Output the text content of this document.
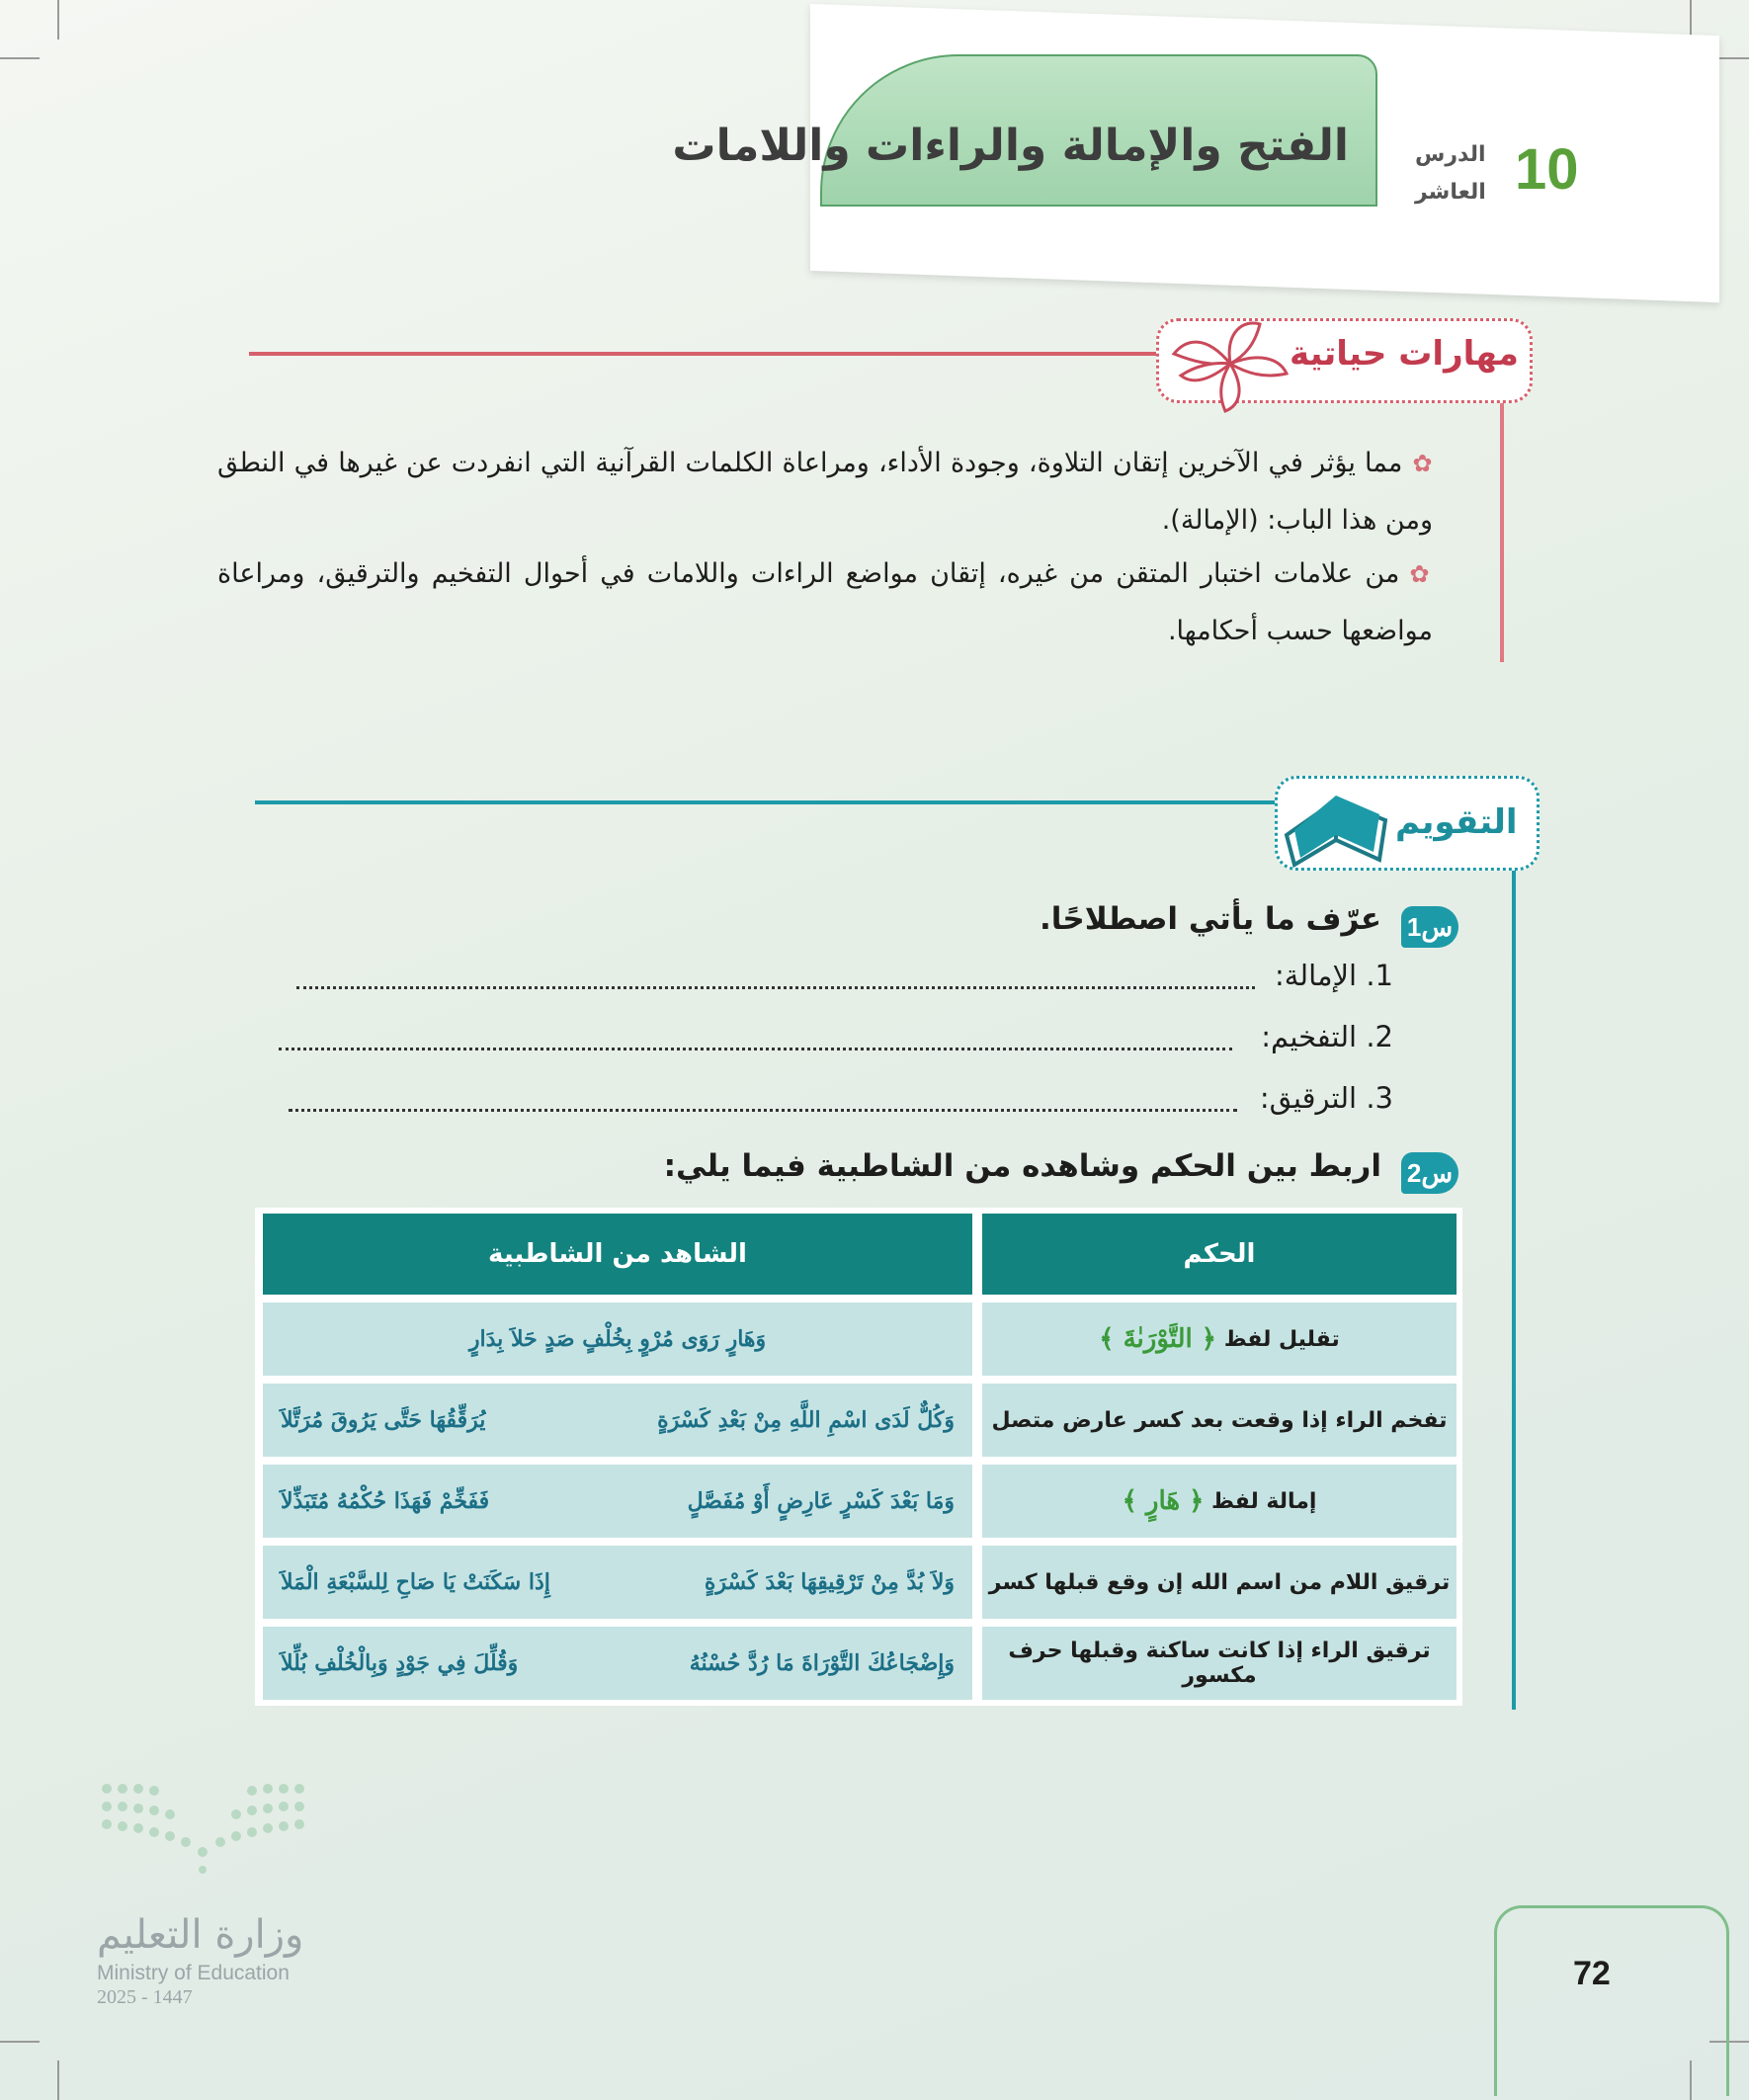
الفتح والإمالة والراءات واللامات	10
الدرس
العاشر
مهارات حياتية
✿مما يؤثر في الآخرين إتقان التلاوة، وجودة الأداء، ومراعاة الكلمات القرآنية التي انفردت عن غيرها في النطق ومن هذا الباب: (الإمالة).
✿من علامات اختبار المتقن من غيره، إتقان مواضع الراءات واللامات في أحوال التفخيم والترقيق، ومراعاة مواضعها حسب أحكامها.
التقويم
س1
عرّف ما يأتي اصطلاحًا.
1. الإمالة:
2. التفخيم:
3. الترقيق:
س2
اربط بين الحكم وشاهده من الشاطبية فيما يلي:
الحكم
الشاهد من الشاطبية
تقليل لفظ

﴿ التَّوْرَىٰةَ ﴾
وَهَارٍ رَوَى مُرْوٍ بِخُلْفٍ صَدٍ حَلاَ بِدَارٍ
تفخم الراء إذا وقعت بعد كسر عارض متصل
وَكُلٌّ لَدَى اسْمِ اللَّهِ مِنْ بَعْدِ كَسْرَةٍ
يُرَقِّقُهَا حَتَّى يَرُوقَ مُرَتَّلاَ
إمالة لفظ

﴿ هَارٍ ﴾
وَمَا بَعْدَ كَسْرٍ عَارِضٍ أَوْ مُفَصَّلٍ
فَفَخِّمْ فَهَذَا حُكْمُهُ مُتَبَذِّلاَ
ترقيق اللام من اسم الله إن وقع قبلها كسر
وَلاَ بُدَّ مِنْ تَرْقِيقِهَا بَعْدَ كَسْرَةٍ
إِذَا سَكَنَتْ يَا صَاحِ لِلسَّبْعَةِ الْمَلاَ
ترقيق الراء إذا كانت ساكنة وقبلها حرف مكسور
وَإِضْجَاعُكَ التَّوْرَاةَ مَا رُدَّ حُسْنُهُ
وَقُلِّلَ فِي جَوْدٍ وَبِالْخُلْفِ بُلِّلاَ
وزارة التعليم
Ministry of Education
2025 - 1447
72
